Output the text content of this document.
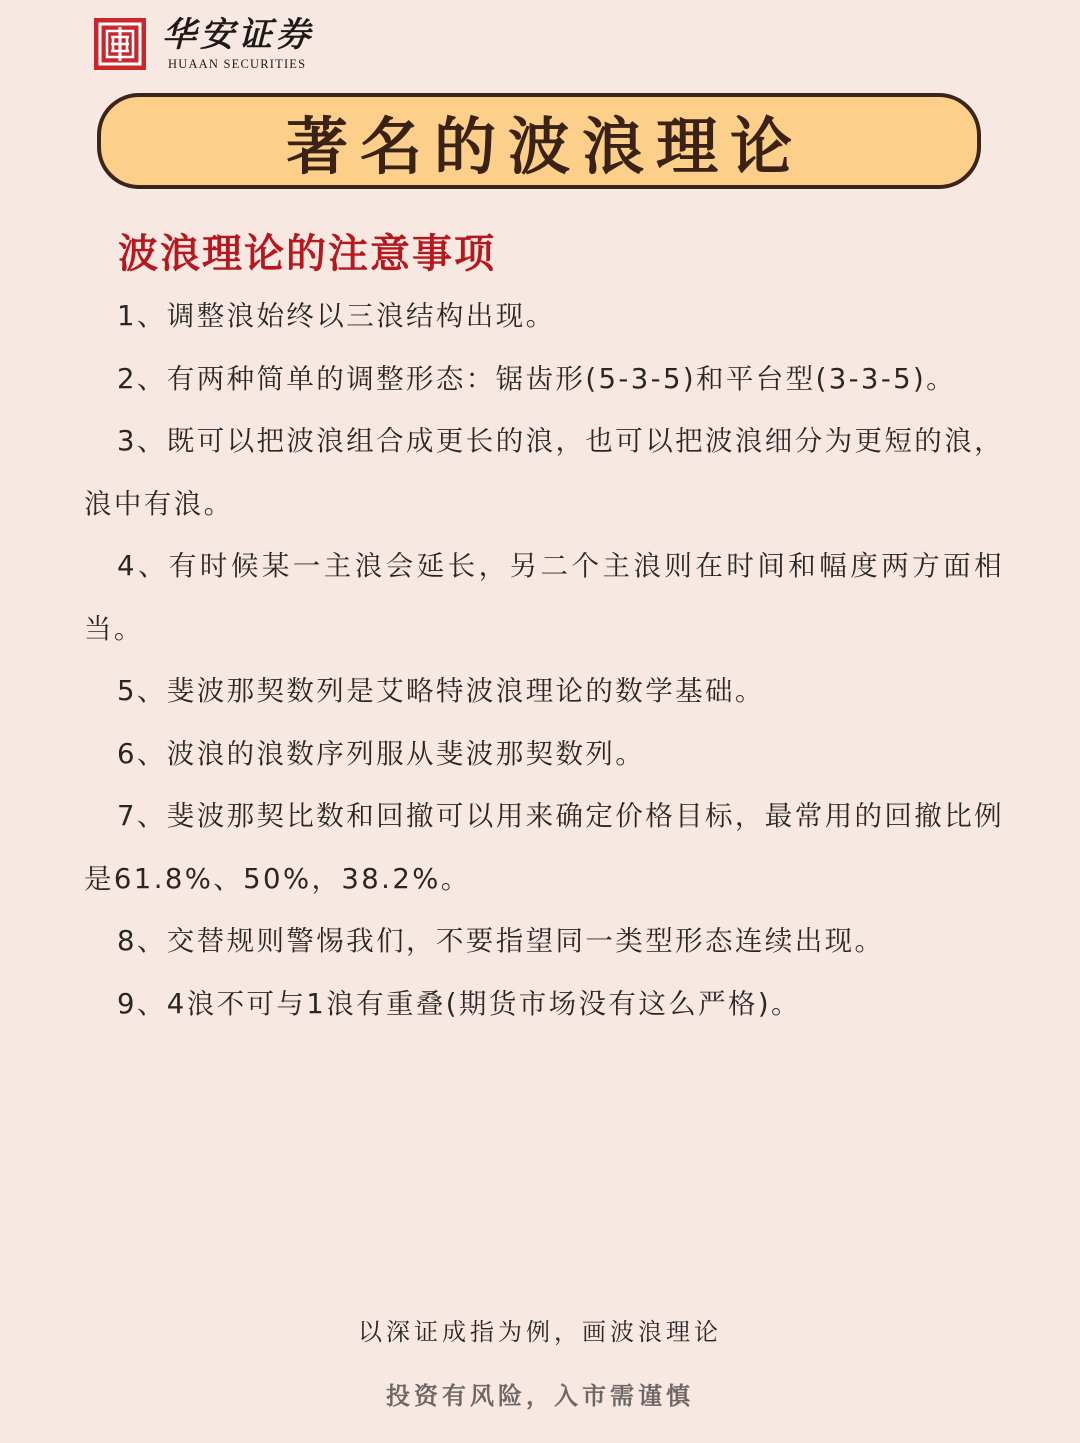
华安证券
HUAAN SECURITIES
著名的波浪理论
波浪理论的注意事项

1、调整浪始终以三浪结构出现。

2、有两种简单的调整形态：锯齿形(5-3-5)和平台型(3-3-5)。

3、既可以把波浪组合成更长的浪，也可以把波浪细分为更短的浪，浪中有浪。

4、有时候某一主浪会延长，另二个主浪则在时间和幅度两方面相当。

5、斐波那契数列是艾略特波浪理论的数学基础。

6、波浪的浪数序列服从斐波那契数列。

7、斐波那契比数和回撤可以用来确定价格目标，最常用的回撤比例是61.8%、50%，38.2%。

8、交替规则警惕我们，不要指望同一类型形态连续出现。

9、4浪不可与1浪有重叠(期货市场没有这么严格)。

以深证成指为例，画波浪理论
投资有风险，入市需谨慎
